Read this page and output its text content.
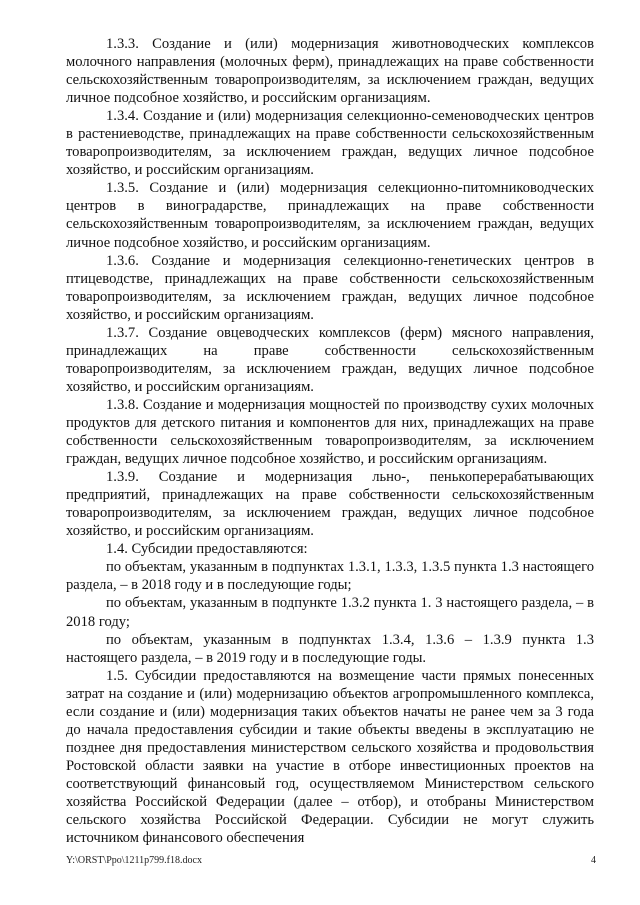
1.3.3. Создание и (или) модернизация животноводческих комплексов молочного направления (молочных ферм), принадлежащих на праве собственности сельскохозяйственным товаропроизводителям, за исключением граждан, ведущих личное подсобное хозяйство, и российским организациям.

1.3.4. Создание и (или) модернизация селекционно-семеноводческих центров в растениеводстве, принадлежащих на праве собственности сельскохозяйственным товаропроизводителям, за исключением граждан, ведущих личное подсобное хозяйство, и российским организациям.

1.3.5. Создание и (или) модернизация селекционно-питомниководческих центров в виноградарстве, принадлежащих на праве собственности сельскохозяйственным товаропроизводителям, за исключением граждан, ведущих личное подсобное хозяйство, и российским организациям.

1.3.6. Создание и модернизация селекционно-генетических центров в птицеводстве, принадлежащих на праве собственности сельскохозяйственным товаропроизводителям, за исключением граждан, ведущих личное подсобное хозяйство, и российским организациям.

1.3.7. Создание овцеводческих комплексов (ферм) мясного направления, принадлежащих на праве собственности сельскохозяйственным товаропроизводителям, за исключением граждан, ведущих личное подсобное хозяйство, и российским организациям.

1.3.8. Создание и модернизация мощностей по производству сухих молочных продуктов для детского питания и компонентов для них, принадлежащих на праве собственности сельскохозяйственным товаропроизводителям, за исключением граждан, ведущих личное подсобное хозяйство, и российским организациям.

1.3.9. Создание и модернизация льно-, пенькоперерабатывающих предприятий, принадлежащих на праве собственности сельскохозяйственным товаропроизводителям, за исключением граждан, ведущих личное подсобное хозяйство, и российским организациям.

1.4. Субсидии предоставляются:

по объектам, указанным в подпунктах 1.3.1, 1.3.3, 1.3.5 пункта 1.3 настоящего раздела, – в 2018 году и в последующие годы;

по объектам, указанным в подпункте 1.3.2 пункта 1. 3 настоящего раздела, – в 2018 году;

по объектам, указанным в подпунктах 1.3.4, 1.3.6 – 1.3.9 пункта 1.3 настоящего раздела, – в 2019 году и в последующие годы.

1.5. Субсидии предоставляются на возмещение части прямых понесенных затрат на создание и (или) модернизацию объектов агропромышленного комплекса, если создание и (или) модернизация таких объектов начаты не ранее чем за 3 года до начала предоставления субсидии и такие объекты введены в эксплуатацию не позднее дня предоставления министерством сельского хозяйства и продовольствия Ростовской области заявки на участие в отборе инвестиционных проектов на соответствующий финансовый год, осуществляемом Министерством сельского хозяйства Российской Федерации (далее – отбор), и отобраны Министерством сельского хозяйства Российской Федерации. Субсидии не могут служить источником финансового обеспечения

Y:\ORST\Ppo\1211p799.f18.docx	4
